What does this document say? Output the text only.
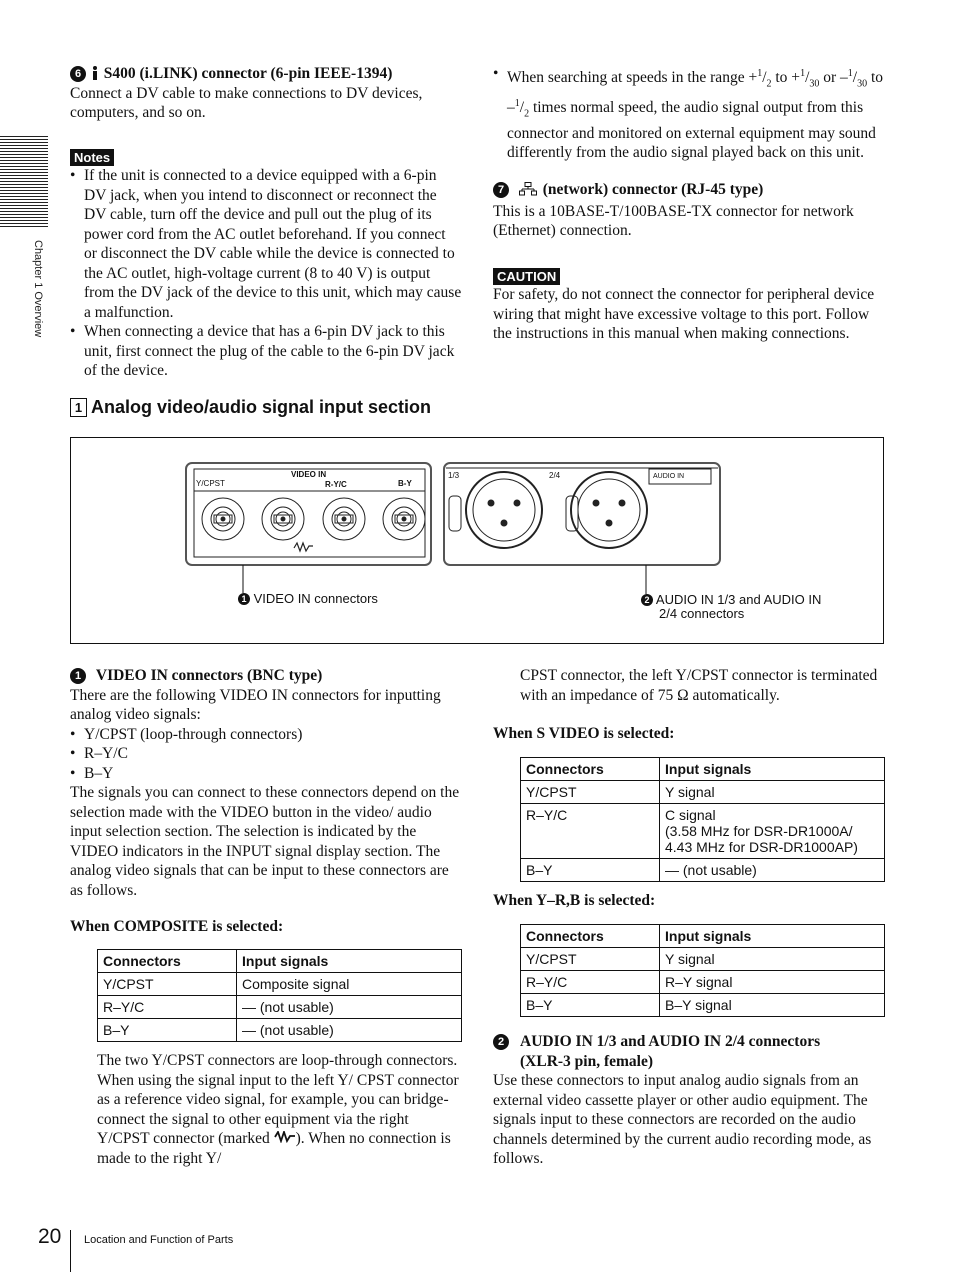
Chapter 1 Overview

6 S400 (i.LINK) connector (6-pin IEEE-1394)

Connect a DV cable to make connections to DV devices, computers, and so on.

Notes
• If the unit is connected to a device equipped with a 6-pin DV jack, when you intend to disconnect or reconnect the DV cable, turn off the device and pull out the plug of its power cord from the AC outlet beforehand. If you connect or disconnect the DV cable while the device is connected to the AC outlet, high-voltage current (8 to 40 V) is output from the DV jack of the device to this unit, which may cause a malfunction.
• When connecting a device that has a 6-pin DV jack to this unit, first connect the plug of the cable to the 6-pin DV jack of the device.
• When searching at speeds in the range $+^1/_2$ to $+^1/_{30}$ or $-^1/_{30}$ to $-^1/_2$ times normal speed, the audio signal output from this connector and monitored on external equipment may sound differently from the audio signal played back on this unit.

7 (network) connector (RJ-45 type)

This is a 10BASE-T/100BASE-TX connector for network (Ethernet) connection.

CAUTION

For safety, do not connect the connector for peripheral device wiring that might have excessive voltage to this port. Follow the instructions in this manual when making connections.

1 Analog video/audio signal input section
VIDEO IN
Y/CPST	R-Y/C	B-Y
1/3	2/4	AUDIO IN
1 VIDEO IN connectors	2 AUDIO IN 1/3 and AUDIO IN
2/4 connectors

1 VIDEO IN connectors (BNC type)

There are the following VIDEO IN connectors for inputting analog video signals:

• Y/CPST (loop-through connectors)
• R–Y/C
• B–Y

The signals you can connect to these connectors depend on the selection made with the VIDEO button in the video/ audio input selection section. The selection is indicated by the VIDEO indicators in the INPUT signal display section. The analog video signals that can be input to these connectors are as follows.

When COMPOSITE is selected:

Connectors	Input signals
Y/CPST	Composite signal
R–Y/C	— (not usable)
B–Y	— (not usable)

The two Y/CPST connectors are loop-through connectors. When using the signal input to the left Y/ CPST connector as a reference video signal, for example, you can bridge-connect the signal to other equipment via the right Y/CPST connector (marked ). When no connection is made to the right Y/

CPST connector, the left Y/CPST connector is terminated with an impedance of 75 Ω automatically.

When S VIDEO is selected:

Connectors	Input signals
Y/CPST	Y signal
R–Y/C	C signal
(3.58 MHz for DSR-DR1000A/
4.43 MHz for DSR-DR1000AP)
B–Y	— (not usable)

When Y–R,B is selected:

Connectors	Input signals
Y/CPST	Y signal
R–Y/C	R–Y signal
B–Y	B–Y signal

2	AUDIO IN 1/3 and AUDIO IN 2/4 connectors
(XLR-3 pin, female)

Use these connectors to input analog audio signals from an external video cassette player or other audio equipment. The signals input to these connectors are recorded on the audio channels determined by the current audio recording mode, as follows.

20 Location and Function of Parts
